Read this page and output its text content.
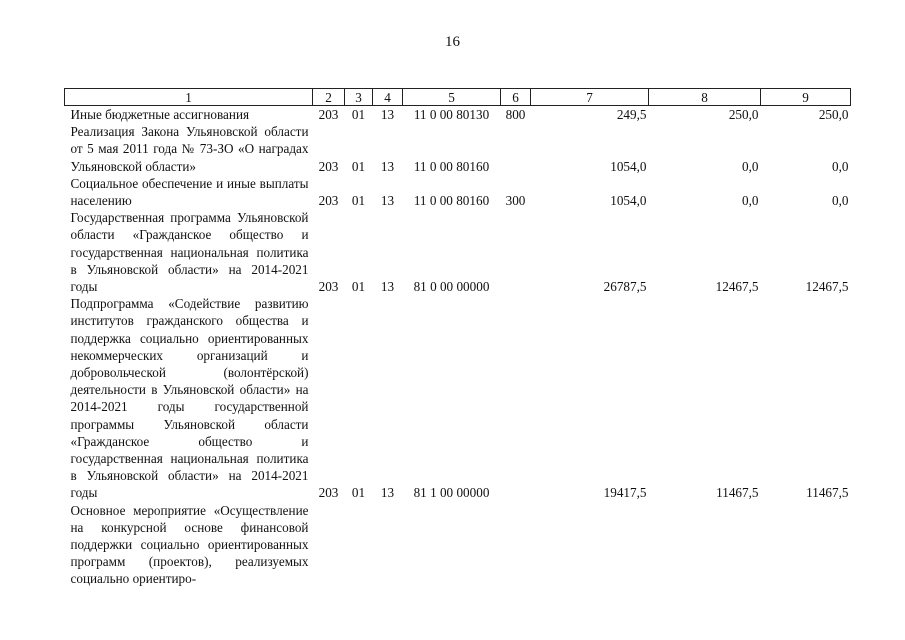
16
1	2	3	4	5	6	7	8	9
Иные бюджетные ассигнования	203	01	13	11 0 00 80130	800	249,5	250,0	250,0
Реализация Закона Ульяновской области от 5 мая 2011 года № 73-ЗО «О наградах Ульяновской области»	203	01	13	11 0 00 80160		1054,0	0,0	0,0
Социальное обеспечение и иные выплаты населению	203	01	13	11 0 00 80160	300	1054,0	0,0	0,0
Государственная программа Ульяновской области «Гражданское общество и государственная национальная политика в Ульяновской области» на 2014-2021 годы	203	01	13	81 0 00 00000		26787,5	12467,5	12467,5
Подпрограмма «Содействие развитию институтов гражданского общества и поддержка социально ориентированных некоммерческих организаций и добровольческой (волонтёрской) деятельности в Ульяновской области» на 2014-2021 годы государственной программы Ульяновской области «Гражданское общество и государственная национальная политика в Ульяновской области» на 2014-2021 годы	203	01	13	81 1 00 00000		19417,5	11467,5	11467,5
Основное мероприятие «Осуществление на конкурсной основе финансовой поддержки социально ориентированных программ (проектов), реализуемых социально ориентиро-								
